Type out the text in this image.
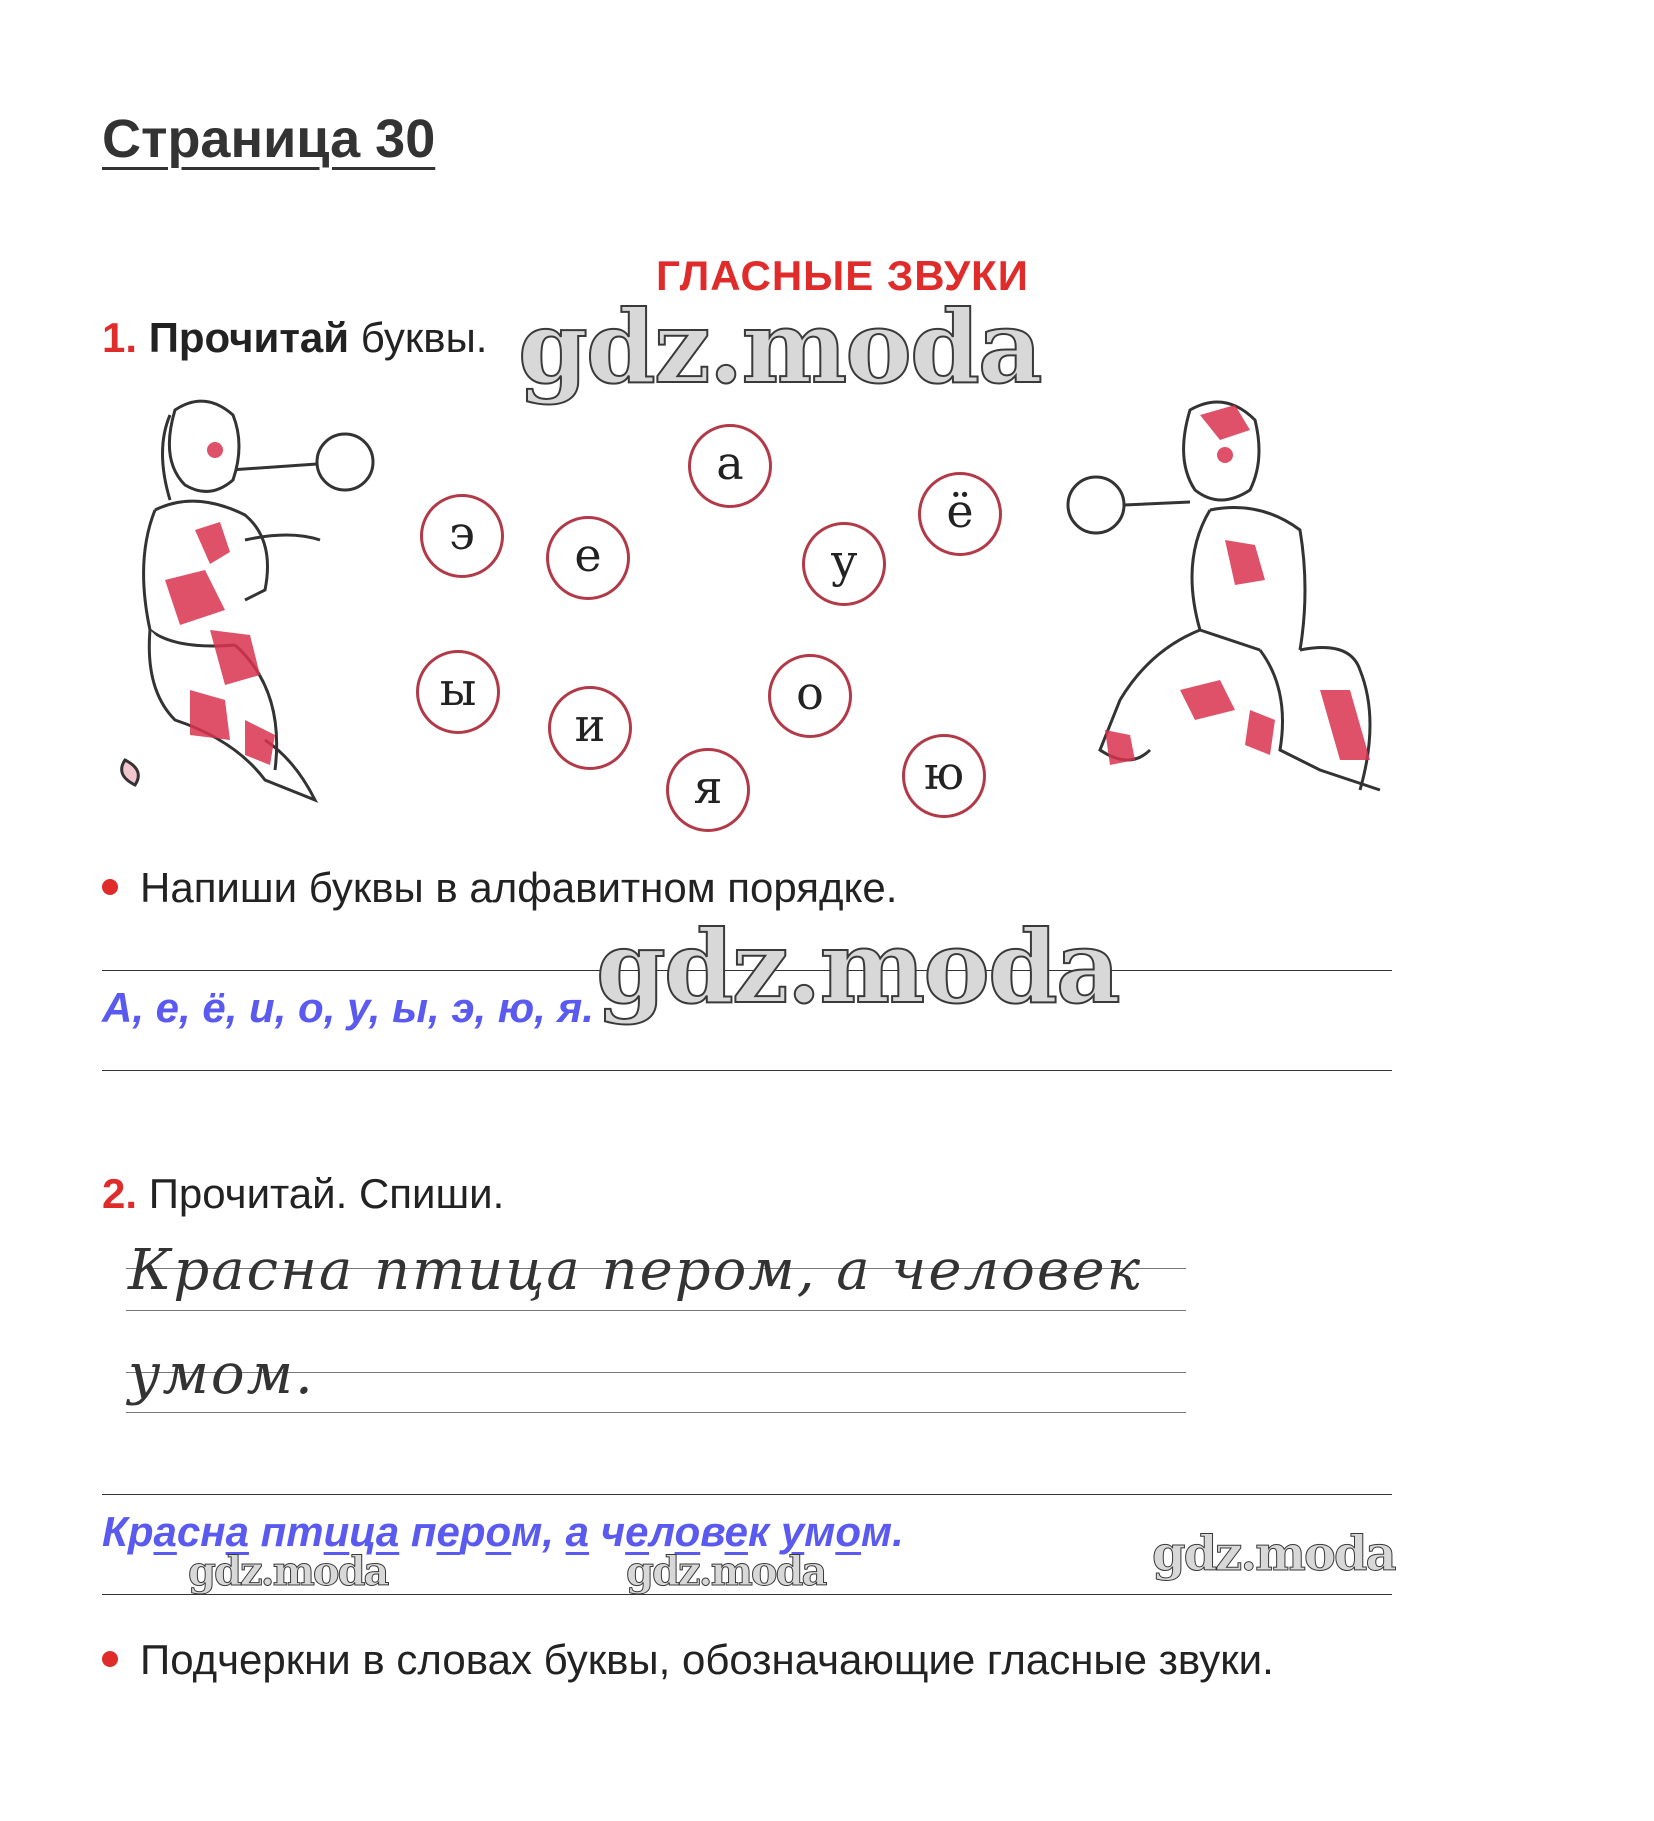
Страница 30
ГЛАСНЫЕ ЗВУКИ
1. Прочитай буквы. gdz.moda
а
ё
э е	у
ы
и
о
я	ю
Напиши буквы в алфавитном порядке.
А, е, ё, и, о, у, ы, э, ю, я. gdz.moda
2. Прочитай. Спиши.
Красна птица пером, а человек
умом.
Красна птица пером, а человек умом.
gdz.moda	gdz.moda	gdz.moda
Подчеркни в словах буквы, обозначающие гласные звуки.
